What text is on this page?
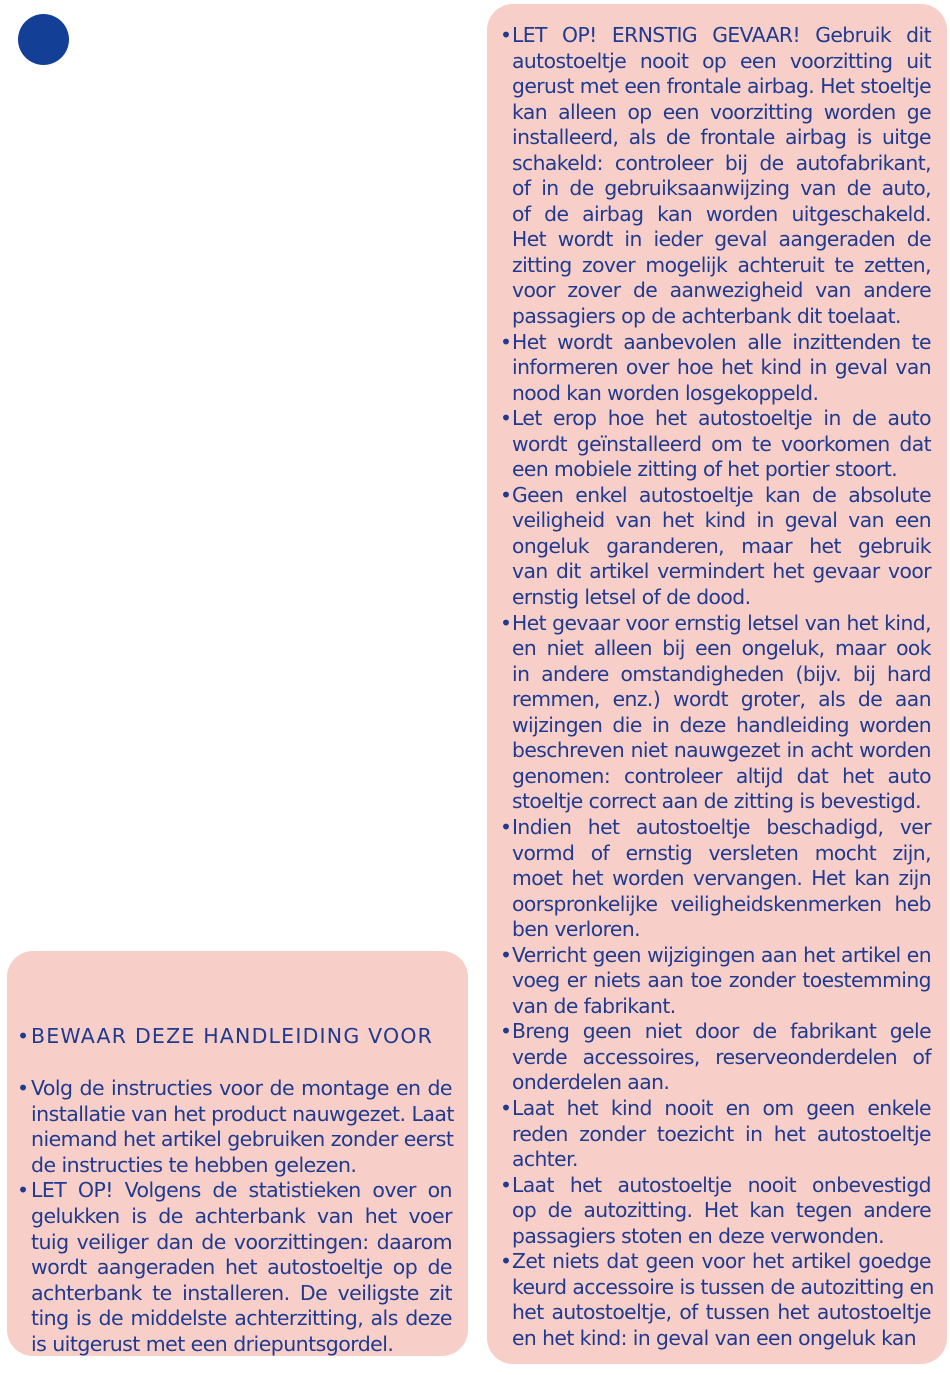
• BEWAAR DEZE HANDLEIDING VOOR
• Volg de instructies voor de montage en de
installatie van het product nauwgezet. Laat
niemand het artikel gebruiken zonder eerst
de instructies te hebben gelezen.
• LET OP! Volgens de statistieken over on
gelukken is de achterbank van het voer
tuig veiliger dan de voorzittingen: daarom
wordt aangeraden het autostoeltje op de
achterbank te installeren. De veiligste zit
ting is de middelste achterzitting, als deze
is uitgerust met een driepuntsgordel.
• LET OP! ERNSTIG GEVAAR! Gebruik dit
autostoeltje nooit op een voorzitting uit
gerust met een frontale airbag. Het stoeltje
kan alleen op een voorzitting worden ge
installeerd, als de frontale airbag is uitge
schakeld: controleer bij de autofabrikant,
of in de gebruiksaanwijzing van de auto,
of de airbag kan worden uitgeschakeld.
Het wordt in ieder geval aangeraden de
zitting zover mogelijk achteruit te zetten,
voor zover de aanwezigheid van andere
passagiers op de achterbank dit toelaat.
• Het wordt aanbevolen alle inzittenden te
informeren over hoe het kind in geval van
nood kan worden losgekoppeld.
• Let erop hoe het autostoeltje in de auto
wordt geïnstalleerd om te voorkomen dat
een mobiele zitting of het portier stoort.
• Geen enkel autostoeltje kan de absolute
veiligheid van het kind in geval van een
ongeluk garanderen, maar het gebruik
van dit artikel vermindert het gevaar voor
ernstig letsel of de dood.
• Het gevaar voor ernstig letsel van het kind,
en niet alleen bij een ongeluk, maar ook
in andere omstandigheden (bijv. bij hard
remmen, enz.) wordt groter, als de aan
wijzingen die in deze handleiding worden
beschreven niet nauwgezet in acht worden
genomen: controleer altijd dat het auto
stoeltje correct aan de zitting is bevestigd.
• Indien het autostoeltje beschadigd, ver
vormd of ernstig versleten mocht zijn,
moet het worden vervangen. Het kan zijn
oorspronkelijke veiligheidskenmerken heb
ben verloren.
• Verricht geen wijzigingen aan het artikel en
voeg er niets aan toe zonder toestemming
van de fabrikant.
• Breng geen niet door de fabrikant gele
verde accessoires, reserveonderdelen of
onderdelen aan.
• Laat het kind nooit en om geen enkele
reden zonder toezicht in het autostoeltje
achter.
• Laat het autostoeltje nooit onbevestigd
op de autozitting. Het kan tegen andere
passagiers stoten en deze verwonden.
• Zet niets dat geen voor het artikel goedge
keurd accessoire is tussen de autozitting en
het autostoeltje, of tussen het autostoeltje
en het kind: in geval van een ongeluk kan
